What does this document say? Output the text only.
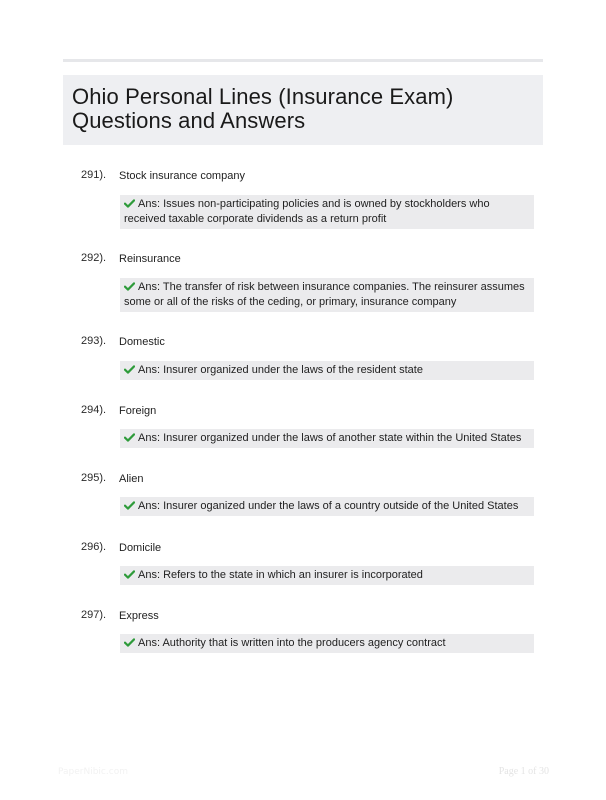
Ohio Personal Lines (Insurance Exam) Questions and Answers
291). Stock insurance company
Ans: Issues non-participating policies and is owned by stockholders who received taxable corporate dividends as a return profit
292). Reinsurance
Ans: The transfer of risk between insurance companies. The reinsurer assumes some or all of the risks of the ceding, or primary, insurance company
293). Domestic
Ans: Insurer organized under the laws of the resident state
294). Foreign
Ans: Insurer organized under the laws of another state within the United States
295). Alien
Ans: Insurer oganized under the laws of a country outside of the United States
296). Domicile
Ans: Refers to the state in which an insurer is incorporated
297). Express
Ans: Authority that is written into the producers agency contract
PaperNibic.com	Page 1 of 30
